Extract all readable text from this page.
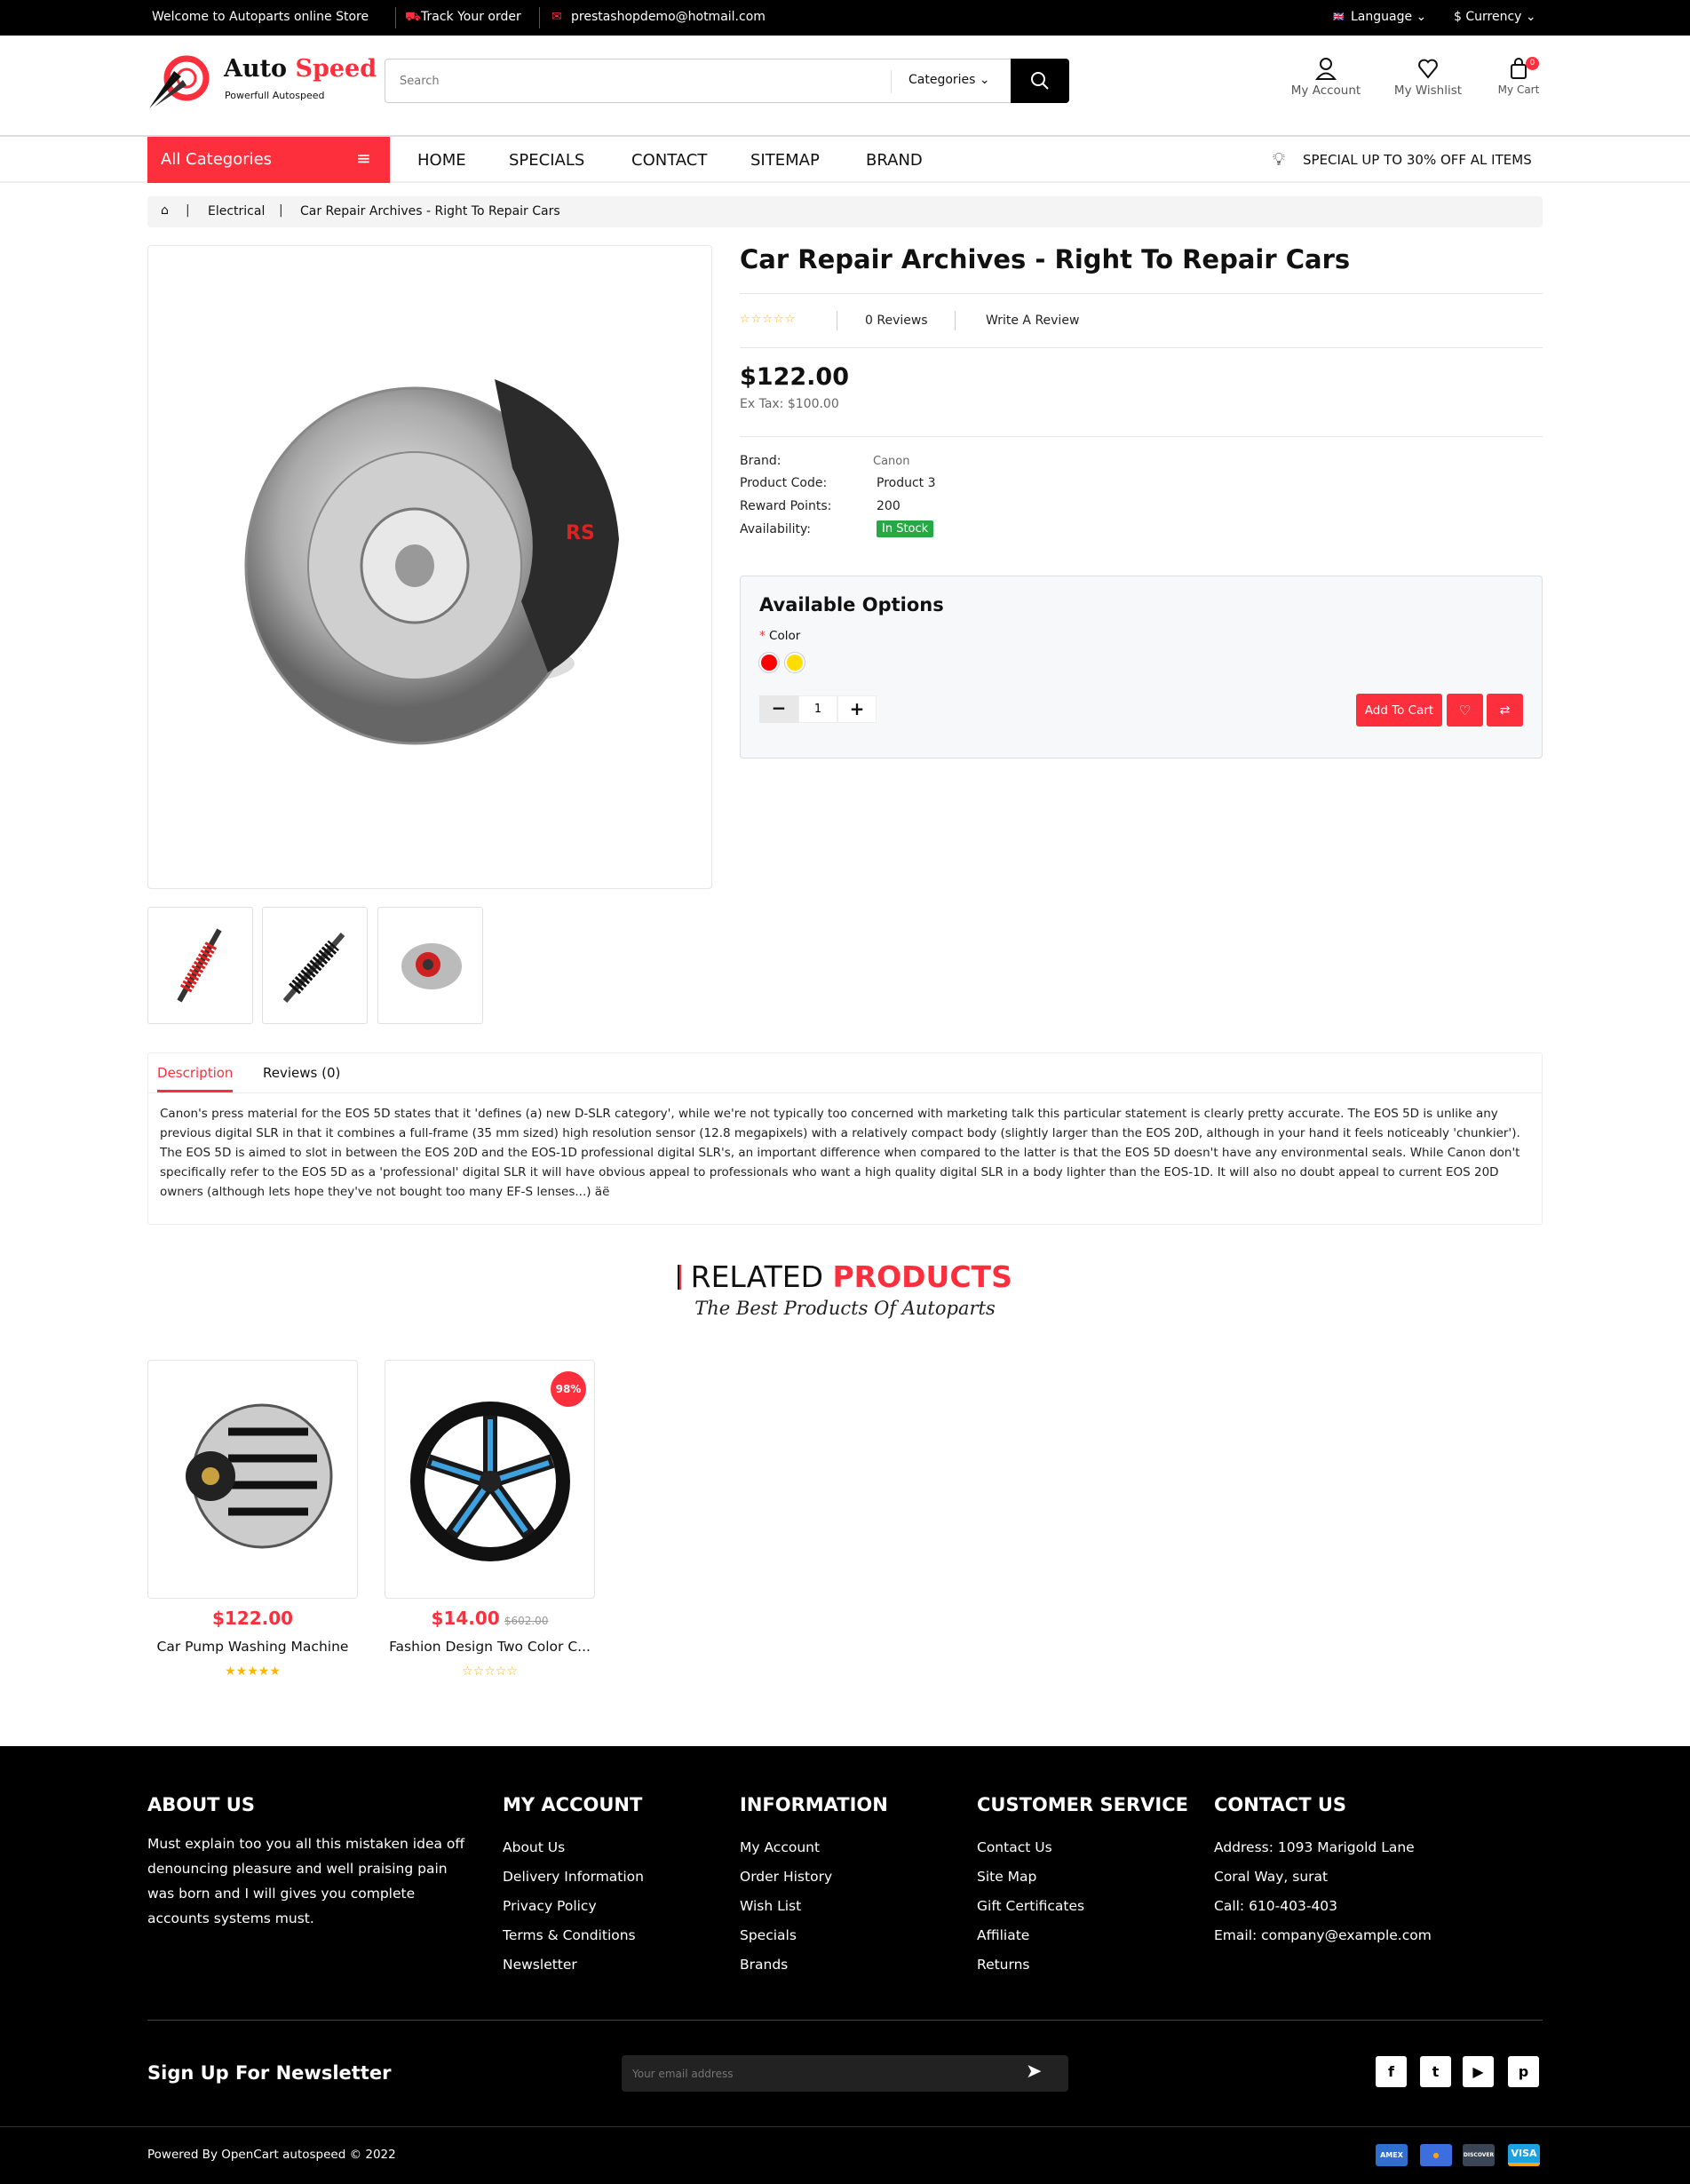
Welcome to Autoparts online Store	⛟ Track Your order ✉ prestashopdemo@hotmail.com	🇬🇧 Language ⌄ $ Currency ⌄
Auto Speed
Powerfull Autospeed
Search
Categories ⌄
My Account	My Wishlist
0
My Cart
All Categories	≡	HOME	SPECIALS	CONTACT	SITEMAP	BRAND	💡︎ SPECIAL UP TO 30% OFF AL ITEMS
⌂ | Electrical | Car Repair Archives - Right To Repair Cars
RS
Car Repair Archives - Right To Repair Cars
☆☆☆☆☆	0 Reviews	Write A Review
$122.00
Ex Tax: $100.00
Brand:	Canon
Product Code:	Product 3
Reward Points:	200
Availability:	In Stock
Available Options
* Color
−
1	+	Add To Cart	♡ ⇄
Description Reviews (0)
Canon's press material for the EOS 5D states that it 'defines (a) new D-SLR category', while we're not typically too concerned with marketing talk this particular statement is clearly pretty accurate. The EOS 5D is unlike any previous digital SLR in that it combines a full-frame (35 mm sized) high resolution sensor (12.8 megapixels) with a relatively compact body (slightly larger than the EOS 20D, although in your hand it feels noticeably 'chunkier'). The EOS 5D is aimed to slot in between the EOS 20D and the EOS-1D professional digital SLR's, an important difference when compared to the latter is that the EOS 5D doesn't have any environmental seals. While Canon don't specifically refer to the EOS 5D as a 'professional' digital SLR it will have obvious appeal to professionals who want a high quality digital SLR in a body lighter than the EOS-1D. It will also no doubt appeal to current EOS 20D owners (although lets hope they've not bought too many EF-S lenses...) äë
RELATED PRODUCTS
The Best Products Of Autoparts
98%
$122.00
Car Pump Washing Machine
★★★★★
$14.00 $602.00
Fashion Design Two Color C...
☆☆☆☆☆
ABOUT US
Must explain too you all this mistaken idea off
denouncing pleasure and well praising pain
was born and I will gives you complete
accounts systems must.
MY ACCOUNT
About Us
Delivery Information
Privacy Policy
Terms & Conditions
Newsletter
INFORMATION
My Account
Order History
Wish List
Specials
Brands
CUSTOMER SERVICE
Contact Us
Site Map
Gift Certificates
Affiliate
Returns
CONTACT US
Address: 1093 Marigold Lane
Coral Way, surat
Call: 610-403-403
Email: company@example.com
Sign Up For Newsletter
Your email address	➤	f	t	▶	p
Powered By OpenCart autospeed © 2022	AMEX	●	DISCOVER	VISA
